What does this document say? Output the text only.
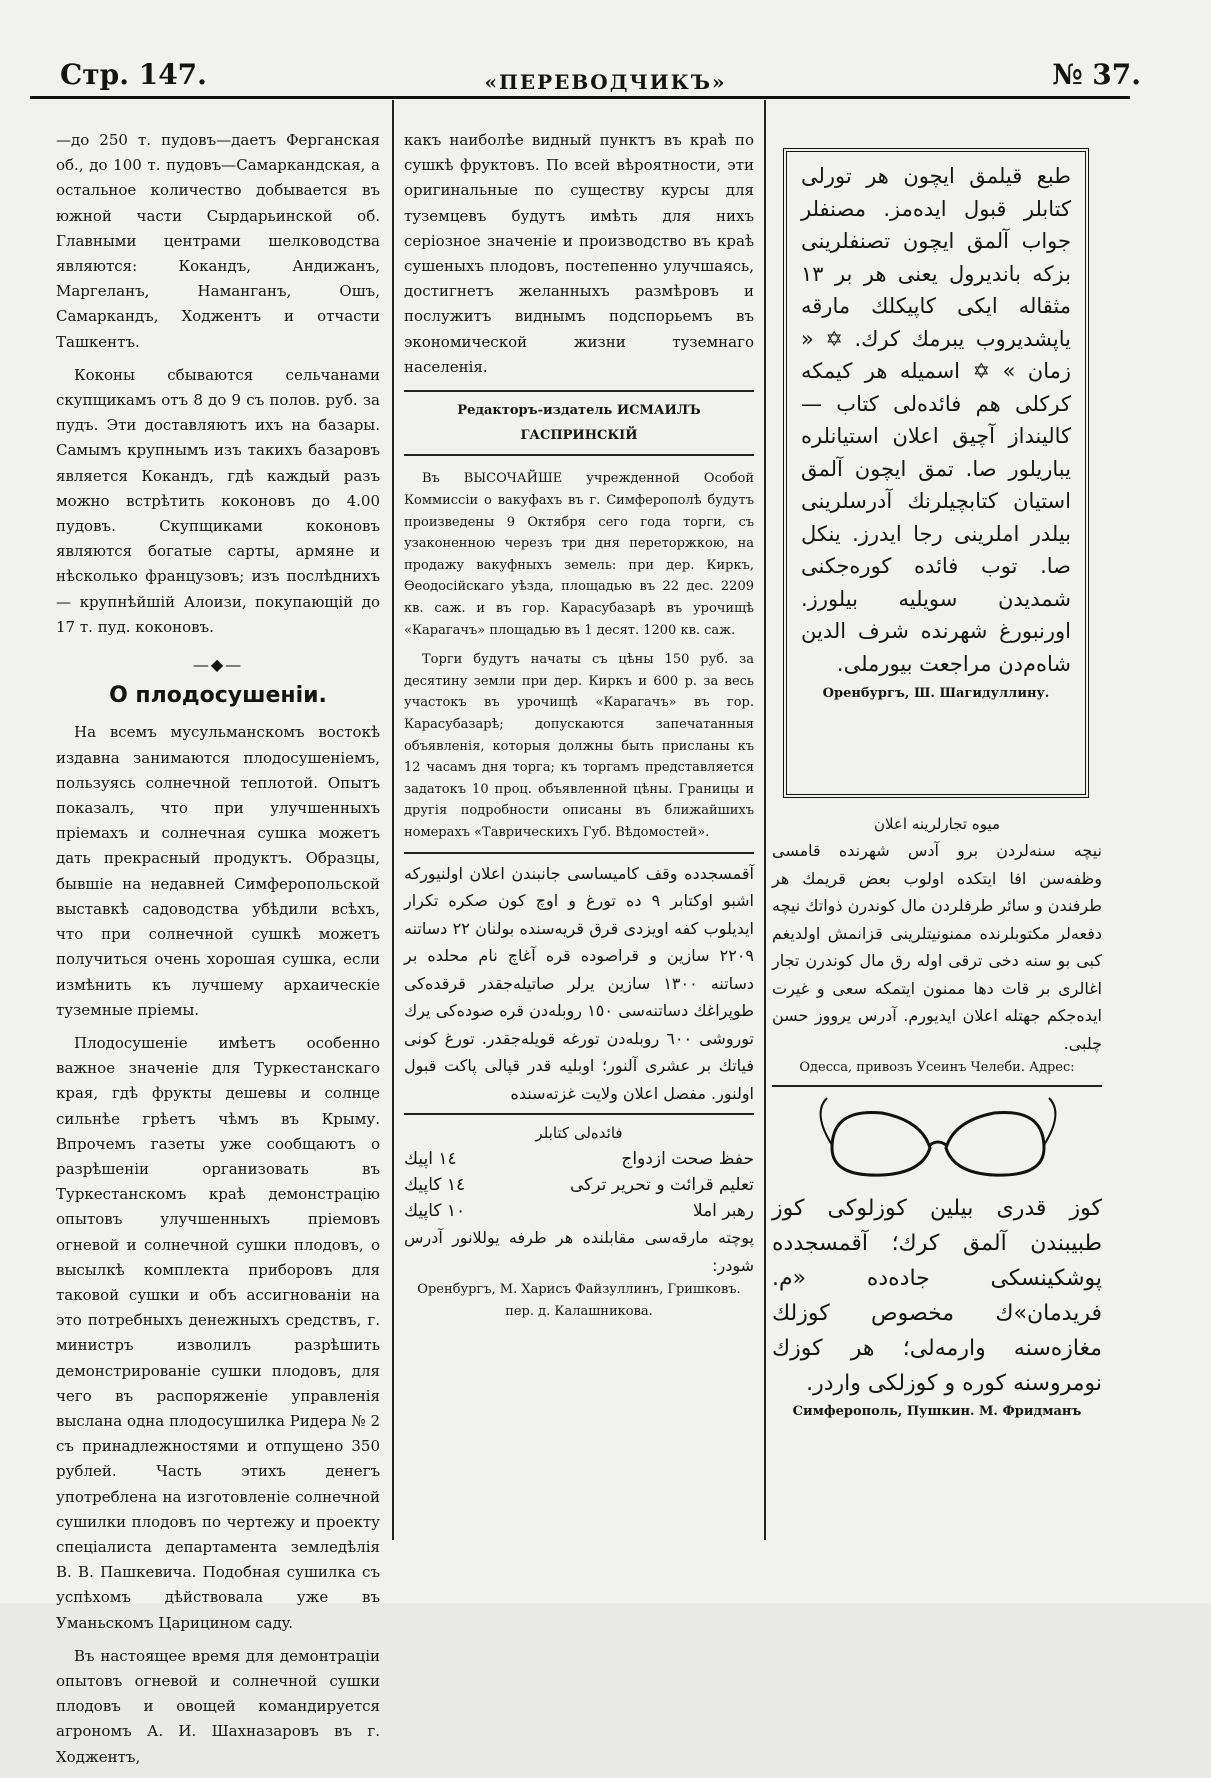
Стр. 147.	«ПЕРЕВОДЧИКЪ»	№ 37.

—до 250 т. пудовъ—даетъ Ферганская об., до 100 т. пудовъ—Самаркандская, а остальное количество добывается въ южной части Сырдарьинской об. Главными центрами шелководства являются: Кокандъ, Андижанъ, Маргеланъ, Намангaнъ, Ошъ, Самаркандъ, Ходжентъ и отчасти Ташкентъ.

Коконы сбываются сельчанами скупщикамъ отъ 8 до 9 съ полов. руб. за пудъ. Эти доставляютъ ихъ на базары. Самымъ крупнымъ изъ такихъ базаровъ является Кокандъ, гдѣ каждый разъ можно встрѣтить коконовъ до 4.00 пудовъ. Скупщиками коконовъ являются богатые сарты, армяне и нѣсколько французовъ; изъ послѣднихъ — крупнѣйшій Алоизи, покупающій до 17 т. пуд. коконовъ.

—◆—
О плодосушеніи.

На всемъ мусульманскомъ востокѣ издавна занимаются плодосушеніемъ, пользуясь солнечной теплотой. Опытъ показалъ, что при улучшенныхъ пріемахъ и солнечная сушка можетъ дать прекрасный продуктъ. Образцы, бывшіе на недавней Симферопольской выставкѣ садоводства убѣдили всѣхъ, что при солнечной сушкѣ можетъ получиться очень хорошая сушка, если измѣнить къ лучшему архаическіе туземные пріемы.

Плодосушеніе имѣетъ особенно важное значеніе для Туркестанскаго края, гдѣ фрукты дешевы и солнце сильнѣе грѣетъ чѣмъ въ Крыму. Впрочемъ газеты уже сообщаютъ о разрѣшеніи организовать въ Туркестанскомъ краѣ демонстрацію опытовъ улучшенныхъ пріемовъ огневой и солнечной сушки плодовъ, о высылкѣ комплекта приборовъ для таковой сушки и объ ассигнованіи на это потребныхъ денежныхъ средствъ, г. министръ изволилъ разрѣшить демонстрированіе сушки плодовъ, для чего въ распоряженіе управленія выслана одна плодосушилка Ридера № 2 съ принадлежностями и отпущено 350 рублей. Часть этихъ денегъ употреблена на изготовленіе солнечной сушилки плодовъ по чертежу и проекту спеціалиста департамента земледѣлія В. В. Пашкевича. Подобная сушилка съ успѣхомъ дѣйствовала уже въ Уманьскомъ Царицином садy.

Въ настоящее время для демонтраціи опытовъ огневой и солнечной сушки плодовъ и овощей командируется агрономъ А. И. Шахназаровъ въ г. Ходжентъ,

какъ наиболѣе видный пунктъ въ краѣ по сушкѣ фруктовъ. По всей вѣроятности, эти оригинальные по существу курсы для туземцевъ будутъ имѣть для нихъ серіозное значеніе и производство въ краѣ сушеныхъ плодовъ, постепенно улучшаясь, достигнетъ желанныхъ размѣровъ и послужитъ виднымъ подспорьемъ въ экономической жизни туземнаго населенія.

Редакторъ-издатель ИСМАИЛЪ ГАСПРИНСКІЙ

Въ ВЫСОЧАЙШЕ учрежденной Особой Коммиссіи о вакуфахъ въ г. Симферополѣ будутъ произведены 9 Октября сего года торги, съ узаконенною черезъ три дня переторжкою, на продажу вакуфныхъ земель: при дер. Киркъ, Ѳеодосійскаго уѣзда, площадью въ 22 дес. 2209 кв. саж. и въ гор. Карасубазарѣ въ урочищѣ «Карагачъ» площадью въ 1 десят. 1200 кв. саж.

Торги будутъ начаты съ цѣны 150 руб. за десятину земли при дер. Киркъ и 600 р. за весь участокъ въ урочищѣ «Карагачъ» въ гор. Карасубазарѣ; допускаются запечатанныя объявленія, которыя должны быть присланы къ 12 часамъ дня торга; къ торгамъ представляется задатокъ 10 проц. объявленной цѣны. Границы и другія подробности описаны въ ближайшихъ номерахъ «Таврическихъ Губ. Вѣдомостей».

آقمسجدده وقف كاميساسى جانبندن اعلان اولنيوركه اشبو اوكتابر ٩ ده تورغ و اوچ كون صكره تكرار ايديلوب كفه اويزدى قرق قريه‌سنده بولنان ٢٢ دساتنه ٢٢٠٩ سازين و قراصوده قره آغاچ نام محلده بر دساتنه ١٣٠٠ سازين يرلر صاتيله‌جقدر قرقده‌كى طوپراغك دساتنه‌سى ١٥٠ روبله‌دن قره صوده‌كى يرك توروشى ٦٠٠ روبله‌دن تورغه قويله‌جقدر. تورغ كونى فياتك بر عشرى آلنور؛ اوبليه قدر قپالى پاكت قبول اولنور. مفصل اعلان ولايت غزته‌سنده
فائده‌لى كتابلر
حفظ صحت ازدواج
١٤ اپيك
تعليم قرائت و تحرير تركى
١٤ كاپيك
رهبر املا
١٠ كاپيك
پوچته مارقه‌سى مقابلنده هر طرفه يوللانور آدرس شودر:
Оренбургъ, М. Харисъ Файзуллинъ, Гришковъ. пер. д. Калашникова.
طبع قيلمق ايچون هر تورلى كتابلر قبول ايده‌مز. مصنفلر جواب آلمق ايچون تصنفلرينى بزكه باندیرول يعنى هر بر ١٣ مثقاله ايكى كاپيكلك مارقه ياپشديروب يبرمك كرك. ✡ « زمان » ✡ اسميله هر كيمكه كركلى هم فائده‌لى كتاب — كالينداز آچيق اعلان استيانلره يباريلور صا. تمق ايچون آلمق استيان كتابچيلرنك آدرسلرينى بيلدر املرينى رجا ايدرز. ينكل صا. توب فائده كوره‌جكنى شمديدن سويليه بيلورز. اورنبورغ شهرنده شرف الدين شاه‌م‌دن مراجعت بيورملى.
Оренбургъ, Ш. Шагидуллину.
ميوه تجارلرينه اعلان
نيچه سنه‌لردن برو آدس شهرنده قامسى وظفه‌سن افا ايتكده اولوب بعض قريمك هر طرفندن و سائر طرفلردن مال كوندرن ذواتك نيچه دفعه‌لر مكتوبلرنده ممنونيتلرينى قزانمش اولديغم كبى بو سنه دخى ترقى اوله رق مال كوندرن تجار اغالرى بر قات دها ممنون ايتمكه سعى و غيرت ايده‌جكم جهتله اعلان ايديورم. آدرس يرووز حسن چلبى.
Одесса, привозъ Усеинъ Челеби. Адрес:
كوز قدرى بيلين كوزلوكى كوز طبيبندن آلمق كرك؛ آقمسجدده پوشكينسكى جاده‌ده «م. فريدمان»ك مخصوص كوزلك مغازه‌سنه وارمه‌لى؛ هر كوزك نومروسنه كوره و كوزلكى واردر.
Симферополь, Пушкин. М. Фридманъ
